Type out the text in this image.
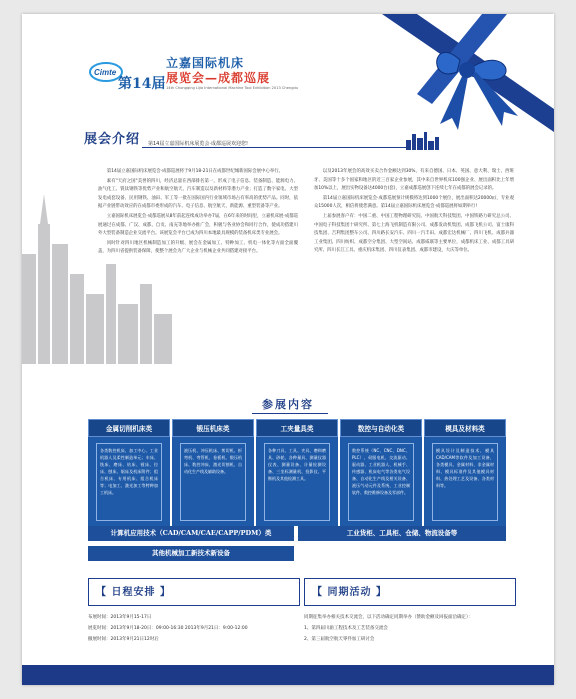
Cimte
第14届
立嘉国际机床
展览会—成都巡展
14th Chongqing Lijia International Machine Tool Exhibition 2013 Chengdu
展会介绍 第14届立嘉国际机床展览会·成都巡展欢迎您!

第14届立嘉国际机床展览会·成都巡展将于9月18-21日在成都世纪城新国际会展中心举行。

素有"天府之国"美誉的四川，经济总量在西部排名第一，形成了电子信息、装备制造、能源电力、油气化工、钒钛钢铁等优势产业和航空航天、汽车制造以及新材料等潜力产业；打造了数字家电、大型发电成套设备、民用钢铁、油田、军工等一批在国际国内行业领域市场占有率高的优势产品。同时，依据产业链带动效应的在成都市委形成的汽车、电子信息、航空航天、新能源、重型装备等产业。

立嘉国际机床展览会·成都巡展从8年前起连续成功举办7届，在6年来的时间里，立嘉机床展·成都巡展通过在成都、广汉、成都、自贡、南充等地举办推广会，积极与各业协会和同行合作，使成功搭建川外大型装备制造企业交流平台。该展览会平台已成为四川本地最具规模的装备机床类专业展会。

同时针对四川地区机械制造加工的升级、展会在金属加工、特种加工、机电一体化等方面全面覆盖，为四川省提供装备保障，使整个展会为广大企业与机械企业共同搭建对接平台。

以及2013年展会的高效买卖合作金额达到30%，有来自德国、日本、英国、意大利、瑞士、西班牙、美国等十多个国家和地区的近三百家企业参展，其中来自世界机床100强企业、展出面积比上年增加10%以上，展出实物设备达4000台(套)，立嘉成都巡展创下连续七年在成都的展会记录的。

第14届立嘉国际机床展览会·成都巡展预计规模将达到1000个展位，展出面积达20000㎡，专业观众15000人次，相信将使您满意。第14届立嘉国际机床展览会·成都巡展将如期举行!

上届参展客户有：中国二重、中国工程物理研究院、中国航天科技集团、中国铁路力研究总公司、中国电子科技集团十研究所、第七上海飞机制造有限公司、成都发动机集团、成都飞机公司、富士康科技集团、吉利集团整车公司、四川路长安汽车、四川一汽丰田、成都宏达机械厂、四川飞机、成都兵器工业集团、四川纺织、成都空分集团、大型空间站、成都威联等主要单位，成都机床工业、成都工具研究所、四川长江工具、重庆机床集团、四川仪表集团、成都市建设，大庆等单位。

参展内容
金属切削机床类
各类数控机床、加工中心、工业机器人及柔性制造单元；车床、铣床、磨床、钻床、镗床、拉床、刨床、锯床及机床附件；组合机床、专用机床、组合机床等；电加工、激光加工等特种加工机床。
锻压机床类
液压机、冲压机床、剪切机、折弯机、弯管机、卷板机、锻压机床、数控冲床、激光切割机、自动化生产线及辅助设备。
工夹量具类
各种刀具、工具、夹具、磨料磨具、砂轮、各种量具、测量仪器仪表、测量设备、计量检测设备、三坐标测量机、投影仪、平衡机及其他检测工具。
数控与自动化类
数控系统（NC、CNC、DNC、PLC）、伺服电机、交流驱动、驱动器、工业机器人、机械手、传感器、机床电气等各类电气设备、自动化生产线及相关设备、液压气动元件及系统、工业控制软件、数控维修设备及零部件。
模具及材料类
模具设计及制造技术，模具CAD/CAM等软件及加工设备，各类模具、金属材料、非金属材料、模具标准件及其他模具材料、热处理工艺及设备、各类材料等。
计算机应用技术（CAD/CAM/CAE/CAPP/PDM）类	工业货柜、工具柜、仓储、物流设备等
其他机械加工新技术新设备
【 日程安排 】
布展时间：2013年9月15-17日
展览时间：2013年9月18-20日：09:00-16:30 2013年9月21日：9:00-12:00
撤展时间：2013年9月21日12时后
【 同期活动 】
同期征集举办相关技术交流会，以下活动确定同期举办（赞助金额及回报面洽确定）：
1、第四届川渝工程技术及工艺装备交流会
2、第三届航空航天零件加工研讨会
